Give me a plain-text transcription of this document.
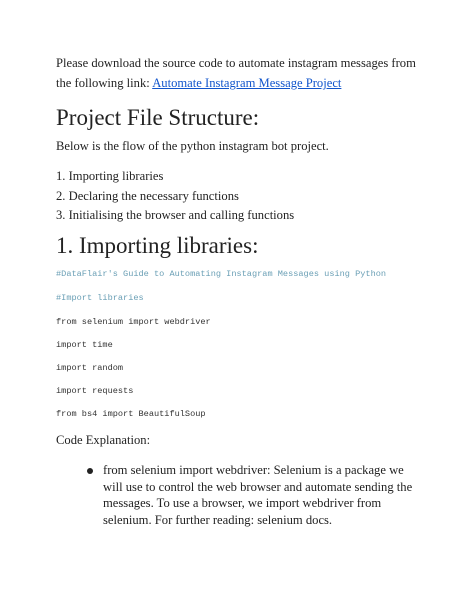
Please download the source code to automate instagram messages from the following link: Automate Instagram Message Project

Project File Structure:

Below is the flow of the python instagram bot project.

1. Importing libraries
2. Declaring the necessary functions
3. Initialising the browser and calling functions
1. Importing libraries:
#DataFlair's Guide to Automating Instagram Messages using Python
#Import libraries
from selenium import webdriver
import time
import random
import requests
from bs4 import BeautifulSoup

Code Explanation:

from selenium import webdriver: Selenium is a package we will use to control the web browser and automate sending the messages. To use a browser, we import webdriver from selenium. For further reading: selenium docs.
